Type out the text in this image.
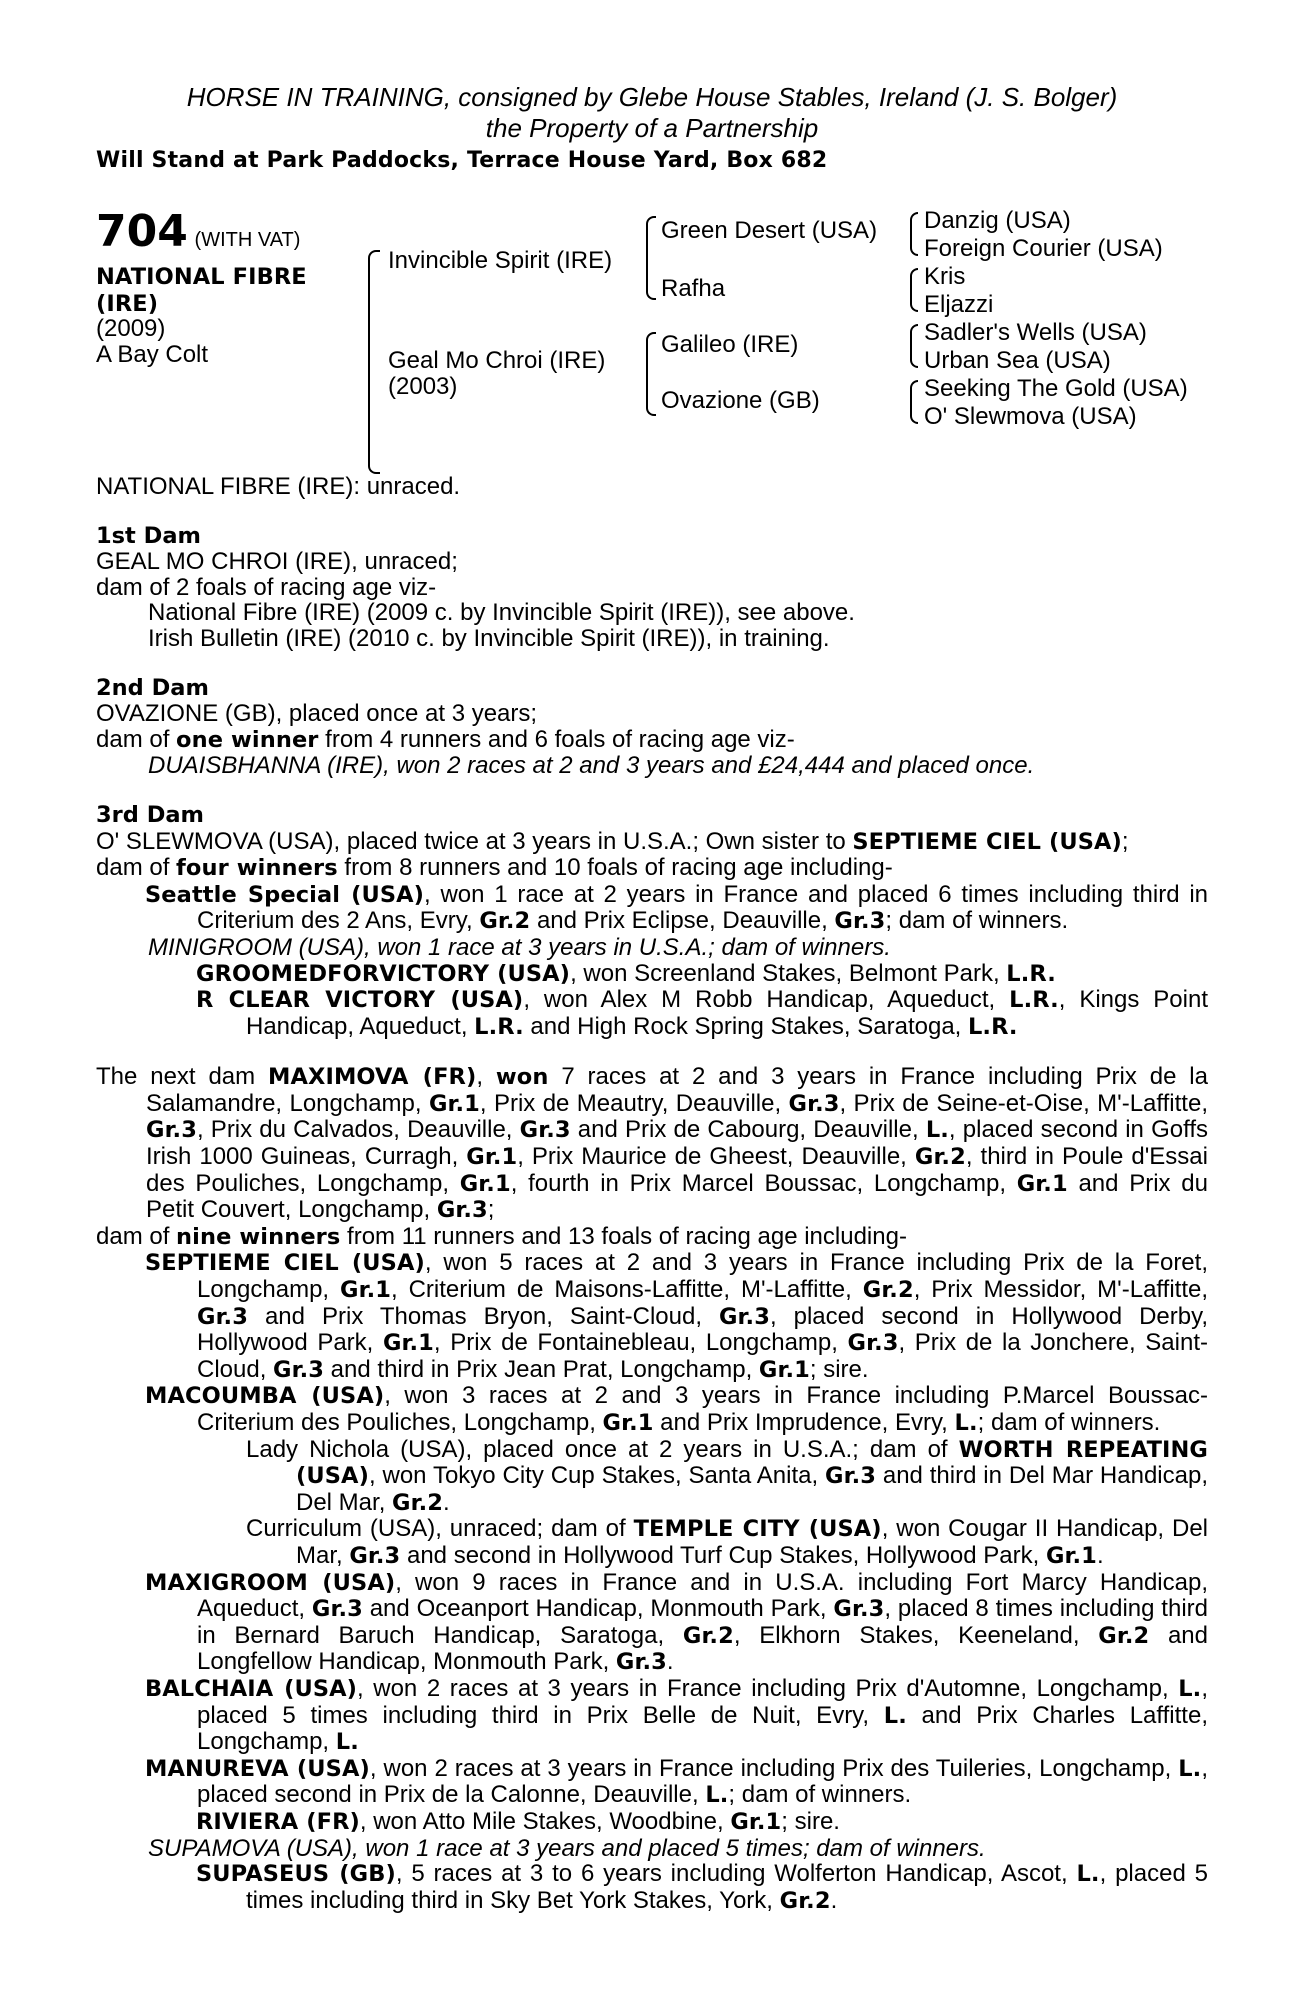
HORSE IN TRAINING, consigned by Glebe House Stables, Ireland (J. S. Bolger)
the Property of a Partnership
Will Stand at Park Paddocks, Terrace House Yard, Box 682
704 (WITH VAT)
NATIONAL FIBRE
(IRE)
(2009)
A Bay Colt
Invincible Spirit (IRE)
Geal Mo Chroi (IRE)
(2003)
Green Desert (USA)
Rafha
Galileo (IRE)
Ovazione (GB)
Danzig (USA)
Foreign Courier (USA)
Kris
Eljazzi
Sadler's Wells (USA)
Urban Sea (USA)
Seeking The Gold (USA)
O' Slewmova (USA)

NATIONAL FIBRE (IRE): unraced.

1st Dam

GEAL MO CHROI (IRE), unraced;

dam of 2 foals of racing age viz-

National Fibre (IRE) (2009 c. by Invincible Spirit (IRE)), see above.

Irish Bulletin (IRE) (2010 c. by Invincible Spirit (IRE)), in training.

2nd Dam

OVAZIONE (GB), placed once at 3 years;

dam of one winner from 4 runners and 6 foals of racing age viz-

DUAISBHANNA (IRE), won 2 races at 2 and 3 years and £24,444 and placed once.

3rd Dam

O' SLEWMOVA (USA), placed twice at 3 years in U.S.A.; Own sister to SEPTIEME CIEL (USA);

dam of four winners from 8 runners and 10 foals of racing age including-

Seattle Special (USA), won 1 race at 2 years in France and placed 6 times including third in Criterium des 2 Ans, Evry, Gr.2 and Prix Eclipse, Deauville, Gr.3; dam of winners.

MINIGROOM (USA), won 1 race at 3 years in U.S.A.; dam of winners.

GROOMEDFORVICTORY (USA), won Screenland Stakes, Belmont Park, L.R.

R CLEAR VICTORY (USA), won Alex M Robb Handicap, Aqueduct, L.R., Kings Point Handicap, Aqueduct, L.R. and High Rock Spring Stakes, Saratoga, L.R.

The next dam MAXIMOVA (FR), won 7 races at 2 and 3 years in France including Prix de la Salamandre, Longchamp, Gr.1, Prix de Meautry, Deauville, Gr.3, Prix de Seine-et-Oise, M'-Laffitte, Gr.3, Prix du Calvados, Deauville, Gr.3 and Prix de Cabourg, Deauville, L., placed second in Goffs Irish 1000 Guineas, Curragh, Gr.1, Prix Maurice de Gheest, Deauville, Gr.2, third in Poule d'Essai des Pouliches, Longchamp, Gr.1, fourth in Prix Marcel Boussac, Longchamp, Gr.1 and Prix du Petit Couvert, Longchamp, Gr.3;

dam of nine winners from 11 runners and 13 foals of racing age including-

SEPTIEME CIEL (USA), won 5 races at 2 and 3 years in France including Prix de la Foret, Longchamp, Gr.1, Criterium de Maisons-Laffitte, M'-Laffitte, Gr.2, Prix Messidor, M'-Laffitte, Gr.3 and Prix Thomas Bryon, Saint-Cloud, Gr.3, placed second in Hollywood Derby, Hollywood Park, Gr.1, Prix de Fontainebleau, Longchamp, Gr.3, Prix de la Jonchere, Saint-Cloud, Gr.3 and third in Prix Jean Prat, Longchamp, Gr.1; sire.

MACOUMBA (USA), won 3 races at 2 and 3 years in France including P.Marcel Boussac-Criterium des Pouliches, Longchamp, Gr.1 and Prix Imprudence, Evry, L.; dam of winners.

Lady Nichola (USA), placed once at 2 years in U.S.A.; dam of WORTH REPEATING (USA), won Tokyo City Cup Stakes, Santa Anita, Gr.3 and third in Del Mar Handicap, Del Mar, Gr.2.

Curriculum (USA), unraced; dam of TEMPLE CITY (USA), won Cougar II Handicap, Del Mar, Gr.3 and second in Hollywood Turf Cup Stakes, Hollywood Park, Gr.1.

MAXIGROOM (USA), won 9 races in France and in U.S.A. including Fort Marcy Handicap, Aqueduct, Gr.3 and Oceanport Handicap, Monmouth Park, Gr.3, placed 8 times including third in Bernard Baruch Handicap, Saratoga, Gr.2, Elkhorn Stakes, Keeneland, Gr.2 and Longfellow Handicap, Monmouth Park, Gr.3.

BALCHAIA (USA), won 2 races at 3 years in France including Prix d'Automne, Longchamp, L., placed 5 times including third in Prix Belle de Nuit, Evry, L. and Prix Charles Laffitte, Longchamp, L.

MANUREVA (USA), won 2 races at 3 years in France including Prix des Tuileries, Longchamp, L., placed second in Prix de la Calonne, Deauville, L.; dam of winners.

RIVIERA (FR), won Atto Mile Stakes, Woodbine, Gr.1; sire.

SUPAMOVA (USA), won 1 race at 3 years and placed 5 times; dam of winners.

SUPASEUS (GB), 5 races at 3 to 6 years including Wolferton Handicap, Ascot, L., placed 5 times including third in Sky Bet York Stakes, York, Gr.2.
